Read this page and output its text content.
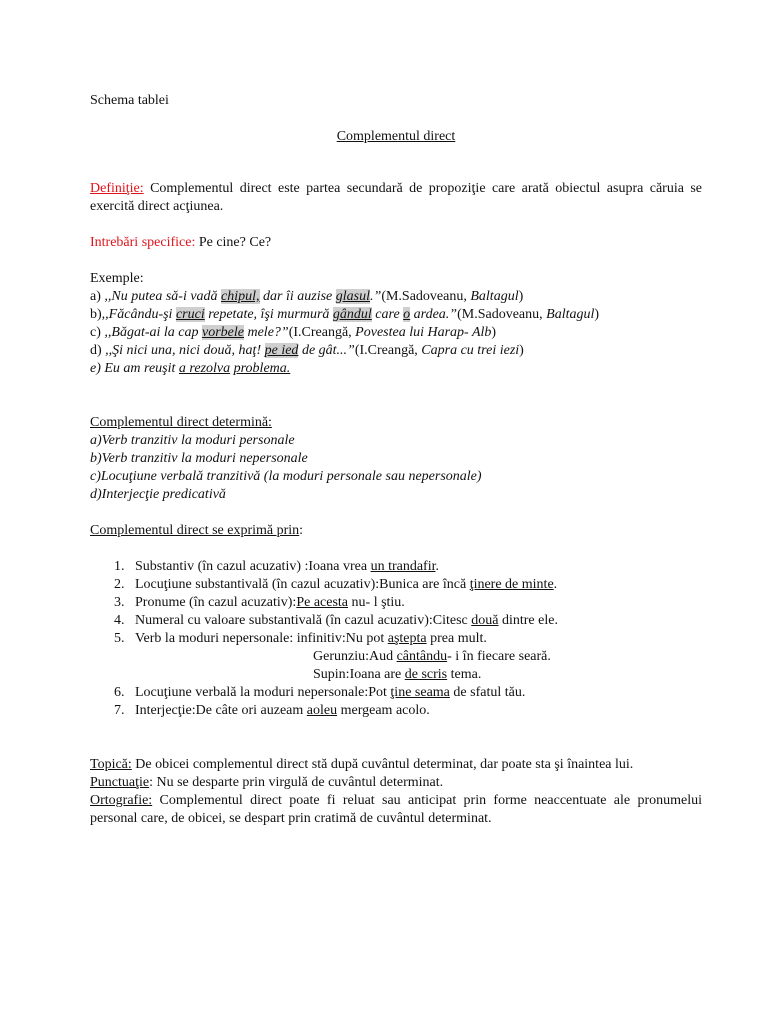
Schema tablei
Complementul direct
Definiţie: Complementul direct este partea secundară de propoziţie care arată obiectul asupra căruia se exercită direct acţiunea.
Intrebări specifice: Pe cine? Ce?
Exemple:
a) ,,Nu putea să-i vadă chipul, dar îi auzise glasul.”(M.Sadoveanu, Baltagul)
b),,Făcându-şi cruci repetate, îşi murmură gândul care o ardea.”(M.Sadoveanu, Baltagul)
c) ,,Băgat-ai la cap vorbele mele?”(I.Creangă, Povestea lui Harap- Alb)
d) ,,Şi nici una, nici două, haţ! pe ied de gât...”(I.Creangă, Capra cu trei iezi)
e) Eu am reuşit a rezolva problema.
Complementul direct determină:
a)Verb tranzitiv la moduri personale
b)Verb tranzitiv la moduri nepersonale
c)Locuţiune verbală tranzitivă (la moduri personale sau nepersonale)
d)Interjecţie predicativă
Complementul direct se exprimă prin:
1. Substantiv (în cazul acuzativ) :Ioana vrea un trandafir.
2. Locuţiune substantivală (în cazul acuzativ):Bunica are încă ţinere de minte.
3. Pronume (în cazul acuzativ):Pe acesta nu- l ştiu.
4. Numeral cu valoare substantivală (în cazul acuzativ):Citesc două dintre ele.
5. Verb la moduri nepersonale: infinitiv:Nu pot aştepta prea mult.
Gerunziu:Aud cântându- i în fiecare seară.
Supin:Ioana are de scris tema.
6. Locuţiune verbală la moduri nepersonale:Pot ţine seama de sfatul tău.
7. Interjecţie:De câte ori auzeam aoleu mergeam acolo.
Topică: De obicei complementul direct stă după cuvântul determinat, dar poate sta şi înaintea lui.
Punctuaţie: Nu se desparte prin virgulă de cuvântul determinat.
Ortografie: Complementul direct poate fi reluat sau anticipat prin forme neaccentuate ale pronumelui personal care, de obicei, se despart prin cratimă de cuvântul determinat.
